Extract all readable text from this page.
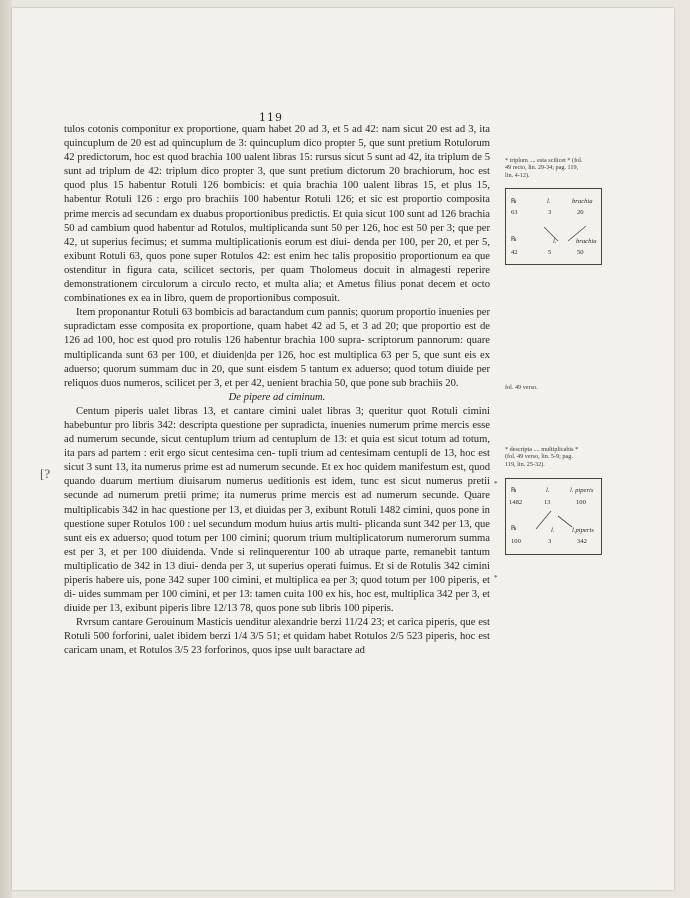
119

tulos cotonis componitur ex proportione, quam habet 20 ad 3, et 5 ad 42: nam sicut 20 est ad 3, ita quincuplum de 20 est ad quincuplum de 3: quincuplum dico propter 5, que sunt pretium Rotulorum 42 predictorum, hoc est quod brachia 100 ualent libras 15: rursus sicut 5 sunt ad 42, ita triplum de 5 sunt ad triplum de 42: triplum dico propter 3, que sunt pretium dictorum 20 brachiorum, hoc est quod plus 15 habentur Rotuli 126 bombicis: et quia brachia 100 ualent libras 15, et plus 15, habentur Rotuli 126 : ergo pro brachiis 100 habentur Rotuli 126; et sic est proportio composita prime mercis ad secundam ex duabus proportionibus predictis. Et quia sicut 100 sunt ad 126 brachia 50 ad cambium quod habentur ad Rotulos, multiplicanda sunt 50 per 126, hoc est 50 per 3; que per 42, ut superius fecimus; et summa multiplicationis eorum est diui- denda per 100, per 20, et per 5, exibunt Rotuli 63, quos pone super Rotulos 42: est enim hec talis propositio proportionum ea que ostenditur in figura cata, scilicet sectoris, per quam Tholomeus docuit in almagesti reperire demonstrationem circulorum a circulo recto, et multa alia; et Ametus filius ponat decem et octo combinationes ex ea in libro, quem de proportionibus composuit.

Item proponantur Rotuli 63 bombicis ad baractandum cum pannis; quorum proportio inuenies per supradictam esse composita ex proportione, quam habet 42 ad 5, et 3 ad 20; que proportio est de 126 ad 100, hoc est quod pro rotulis 126 habentur brachia 100 supra- scriptorum pannorum: quare multiplicanda sunt 63 per 100, et diuiden|da per 126, hoc est multiplica 63 per 5, que sunt eis ex aduerso; quorum summam duc in 20, que sunt eisdem 5 tantum ex aduerso; quod totum diuide per reliquos duos numeros, scilicet per 3, et per 42, uenient brachia 50, que pone sub brachiis 20.

De pipere ad ciminum.

Centum piperis ualet libras 13, et cantare cimini ualet libras 3; queritur quot Rotuli cimini habebuntur pro libris 342: descripta questione per supradicta, inuenies numerum prime mercis esse ad numerum secunde, sicut centuplum trium ad centuplum de 13: et quia est sicut totum ad totum, ita pars ad partem : erit ergo sicut centesima cen- tupli trium ad centesimam centupli de 13, hoc est sicut 3 sunt 13, ita numerus prime est ad numerum secunde. Et ex hoc quidem manifestum est, quod quando duarum mertium diuisarum numerus ueditionis est idem, tunc est sicut numerus pretii secunde ad numerum pretii prime; ita numerus prime mercis est ad numerum secunde. Quare multiplicabis 342 in hac questione per 13, et diuidas per 3, exibunt Rotuli 1482 cimini, quos pone in questione super Rotulos 100 : uel secundum modum huius artis multi- plicanda sunt 342 per 13, que sunt eis ex aduerso; quod totum per 100 cimini; quorum trium multiplicatorum numerorum summa est per 3, et per 100 diuidenda. Vnde si relinquerentur 100 ab utraque parte, remanebit tantum multiplicatio de 342 in 13 diui- denda per 3, ut superius operati fuimus. Et si de Rotulis 342 cimini piperis habere uis, pone 342 super 100 cimini, et multiplica ea per 3; quod totum per 100 piperis, et di- uides summam per 100 cimini, et per 13: tamen cuita 100 ex his, hoc est, multiplica 342 per 3, et diuide per 13, exibunt piperis libre 12/13 78, quos pone sub libris 100 piperis.

Rvrsum cantare Gerouinum Masticis uenditur alexandrie berzi 11/24 23; et carica piperis, que est Rotuli 500 forforini, ualet ibidem berzi 1/4 3/5 51; et quidam habet Rotulos 2/5 523 piperis, hoc est caricam unam, et Rotulos 3/5 23 forforinos, quos ipse uult baractare ad

* triplum .... esta scilicet * (fol.
49 recto, lin. 29-34; pag. 119,
lin. 4-12).
℞	l.	brachia
63	3	20
℞	l.	brachia
42	5	50
fol. 49 verso.
* descripta .... multiplicabis *
(fol. 49 verso, lin. 5-9; pag.
119, lin. 25-32).
℞	l.	l. piperis
1482	13	100
℞	l.	l.piperis
100	3	342
[?
*
*
